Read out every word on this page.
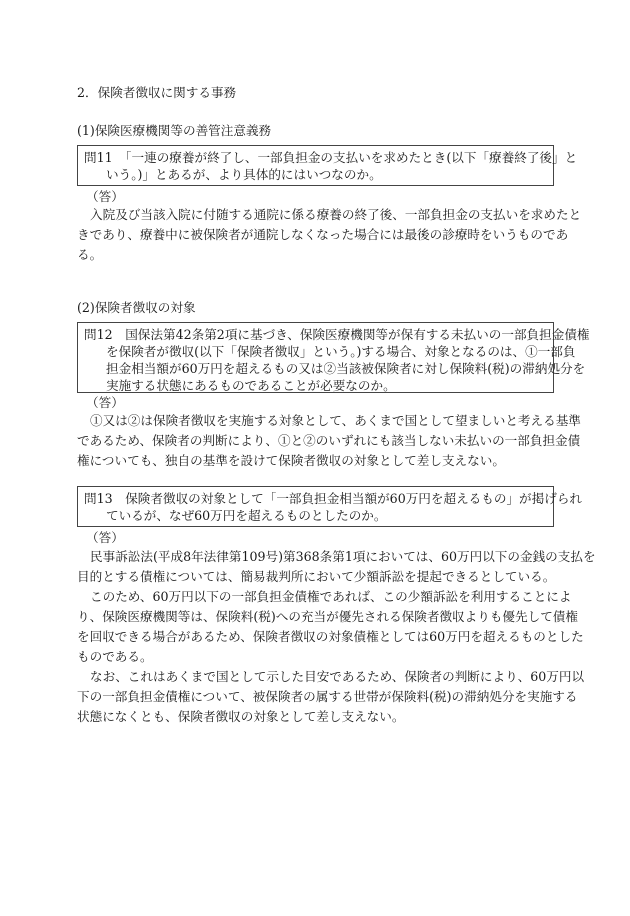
2．保険者徴収に関する事務
(1)保険医療機関等の善管注意義務
問11　「一連の療養が終了し、一部負担金の支払いを求めたとき(以下「療養終了後」と
いう。)」とあるが、より具体的にはいつなのか。
（答）
入院及び当該入院に付随する通院に係る療養の終了後、一部負担金の支払いを求めたと
きであり、療養中に被保険者が通院しなくなった場合には最後の診療時をいうものであ
る。
(2)保険者徴収の対象
問12　国保法第42条第2項に基づき、保険医療機関等が保有する未払いの一部負担金債権
を保険者が徴収(以下「保険者徴収」という。)する場合、対象となるのは、①一部負
担金相当額が60万円を超えるもの又は②当該被保険者に対し保険料(税)の滞納処分を
実施する状態にあるものであることが必要なのか。
（答）
①又は②は保険者徴収を実施する対象として、あくまで国として望ましいと考える基準
であるため、保険者の判断により、①と②のいずれにも該当しない未払いの一部負担金債
権についても、独自の基準を設けて保険者徴収の対象として差し支えない。
問13　保険者徴収の対象として「一部負担金相当額が60万円を超えるもの」が掲げられ
ているが、なぜ60万円を超えるものとしたのか。
（答）
民事訴訟法(平成8年法律第109号)第368条第1項においては、60万円以下の金銭の支払を
目的とする債権については、簡易裁判所において少額訴訟を提起できるとしている。
このため、60万円以下の一部負担金債権であれば、この少額訴訟を利用することによ
り、保険医療機関等は、保険料(税)への充当が優先される保険者徴収よりも優先して債権
を回収できる場合があるため、保険者徴収の対象債権としては60万円を超えるものとした
ものである。
なお、これはあくまで国として示した目安であるため、保険者の判断により、60万円以
下の一部負担金債権について、被保険者の属する世帯が保険料(税)の滞納処分を実施する
状態になくとも、保険者徴収の対象として差し支えない。
